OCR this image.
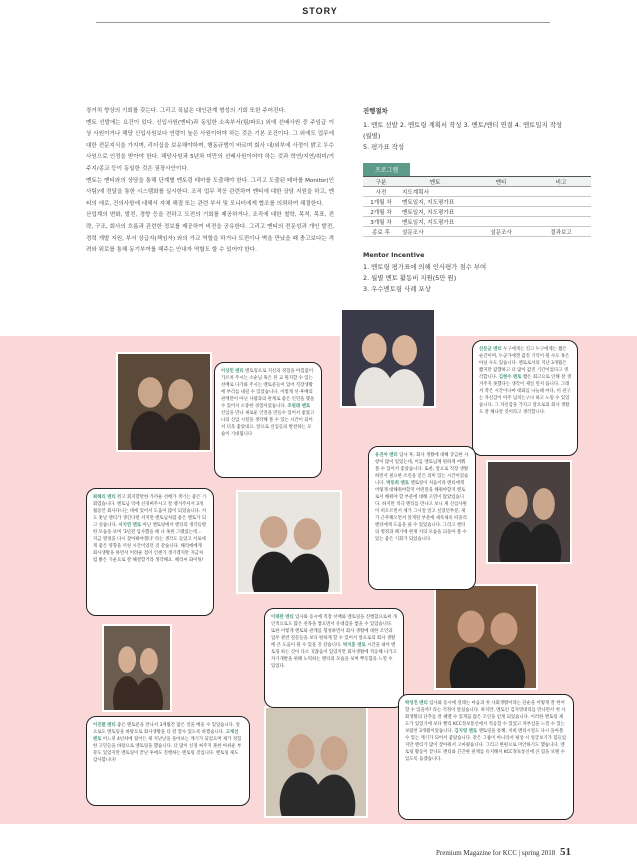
STORY

장거치 향상의 기회를 갖는다. 그리고 폭넓은 대인관계 형성의 기회 또한 주어진다.

멘토 선발에는 요건이 있다. 신입사원(멘티)과 동일한 소속부서(팀/파트) 외에 선배사원 중 주임급 이상 사원이거나 해당 신입사원보다 연령이 높은 사원이어야 하는 것은 기본 조건이다. 그 외에도 업무에 대한 전문지식을 가지며, 리더십을 보유해야하며, 행동규범이 바르며 회사 내/외부에 사정이 밝고 우수사원으로 인정을 받아야 한다. 해당사원과 5년차 미만의 선배사원이어야 하는 것과 학연/지연/취미/거주지/종교 등이 동일한 것은 권장사안이다.

멘토는 멘티와의 상담을 통해 단계별 멘토링 테마를 도출해야 한다. 그리고 도출된 테마를 Monitor(인사팀)에 전달을 통한 시스템화를 실시한다. 조직 업무 적응 관련하여 멘티에 대한 상담 지원을 하고, 멘티의 애로, 건의사항에 대해서 자체 해결 또는 관련 부서 및 모니터에게 협조를 의뢰하여 해결한다.

산업계의 변화, 발전, 경향 등을 전하고 도전의 기회를 제공하거나, 조직에 대한 철학, 목적, 목표, 전략, 구조, 회사의 흐름과 관련한 정보를 제공하여 비전을 공유한다. 그리고 멘티의 전문성과 개인 발전, 경력 개발 지원, 부서 상급자(책임자) 와의 가교 역할을 하거나 도전이나 벽을 만났을 때 충고보다는 격려와 위로를 통해 동기부여를 해주는 안내자 역할도 할 수 있어야 한다.

진행절차
1. 멘토 선발 2. 멘토링 계획서 작성 3. 멘토/멘티 연결 4. 멘토일지 작성(월별)
5. 평가표 작성
프로그램
구분	멘토	멘티	비고
사전	지도계획서		
1개월 차	멘토일지, 지도평가표		
2개월 차	멘토일지, 지도평가표		
3개월 차	멘토일지, 지도평가표		
종료 후	설문조사	설문조사	결과보고
Mentor Incentive
1. 멘토링 평가표에 의해 인사평가 점수 부여
2. 월별 멘토 활동비 지원(5만 원)
3. 우수멘토링 사례 포상
선문균 멘티 누구에게는 길고 누구에게는 짧은 순간이며, 누군가에겐 값진 기억이 될 수도 혹은 아닐 수도 있습니다. 멘토로서의 지난 3개월은 짧지만 값했하고 더 많이 값진 기간이었다고 생각합니다. 김현수 멘토 짧은 회고으로 인해 잘 생겨주지 못했다는 생각이 제일 먼저 듭니다. 그래서 작은 시간이나마 대화를 나눌때 마다, 이 친구는 자신감이 아주 넘치는구나 하고 노릴 수 있었습니다. 그 자신감을 가지고 앞으로의 회사 생활도 잘 해나갈 것이라고 생각합니다.
이상민 멘티 멘토링으로 지신의 경험을 아낌없이 가르쳐 주시는 소순님 혹은 된 교 원지할 수 있는 선배로 다가와 주시는 멘토분들이 있어 직장생활에 부리를 내릴 수 있었습니다. 이렇게 선·후배의 관계만이 아닌 사람과의 관계로 좋은 인연을 맺을 수 있어서 소중한 경험이었습니다. 조원래 멘토 신입을 만나 새로운 인연을 만들수 있어서 좋았고 나의 신입 시절을 생각해 볼 수 있는 시간이 되어서 더욱 좋았네요. 앞으로 신입들의 발전하는 모습이 기대됩니다
최해리 멘티 왼고 회지할만한 가까운 선배가 생기는 좋은 기회였습니다. 멘토님 덕에 신경써주시고 잘 챙겨주셔서 3개월동안 회사다니는 데에 있어서 도움이 많이 되었습니다. 저도 훗날 멘티가 생긴다면 서지면 멘토님처럼 좋은 멘토가 되고 싶습니다. 서지연 멘토 아닌 멘토링에서 멘티의 생각들발한 모습을 보며 '3년전 입사했을 때 나 혹한 그랬었는데… 지금 열정을 다시 찾아봐야겠다' 라는 생각도 들었고 서로에게 좋은 영향을 끼친 시간이었던 것 같습니다. 해리에에게 회사생활을 하면서 어려운 점이 언젠가 생기겠지만 지금처럼 밝은 기운으로 잘 해결할거라 생각해요. 해리씨 화이팅!
유진아 멘티 입사 후, 회사 생활에 대해 궁금한 사항이 많이 있었는데, 이를 멘토님께 편하게 여쭤볼 수 있어서 좋았습니다. 또한, 앞으로 직장 생활하면서 필요한 조언을 얻은 의미 있는 시간이었습니다. 박동희 멘토 멘토링이 처음이라 멘티에게 어떻게 대해줘야할지 어떤말을 해줘야할지 멘토로서 해줘야 할 부분에 대해 고민이 많았었습니다. 하지만 적극 멘티를 만나고 보니 제 신입사원이 떠오르면서 제가 그시절 알고 싶었던부분, 제가 근무해오면서 알게된 부분에 새록새록 떠올리 멘티에게 도움을 줄 수 있었습니다. 그리고 멘티의 열정과 패기에 현재 저의 모습을 되돌아 볼 수 있는 좋은 기회가 되었습니다.
이태완 멘티 입사와 동시에 직장 선배와 멘토링을 진행함으로써 개인적으로도 많은 친목을 쌓으면서 유대감을 쌓을 수 있었습니다. 또한 이렇게 멘토와 관계를 형성하면서 회사 생활에 대한 조언과 업무 관련 질문들을 보다 편하게 할 수 있어서 앞으로의 회사 생활에 큰 도움이 될 수 있을 것 같습니다. 박지훈 멘토 시간을 내어 멘토링 하는 것이 다소 귀찮음이 있었지만 회사생활에 적응해 나가고 자기개발을 위해 노력하는 멘티의 모습을 보며 뿌듯함을 느낄 수 있었다.
이진환 멘티 좋은 멘토분을 만나서 3개월간 많은 것을 배울 수 있었습니다. 앞으로도 멘토링을 바탕으로 회사생활을 더 잘 할수 있도록 하겠습니다. 고재선 멘토 어느덧 4년차에 접어든 제 지난날을 돌아보는 계기가 되었으며 제가 경험한 고민들을 바탕으로 멘토링을 했습니다. 더 많이 신경 써주지 못한 아쉬운 부분도 있었지만 멘토링이 끝난 후에도 진행하는 멘토링 것입니다. 멘토링 제도 감사합니다!
박성진 멘티 입사와 동시에 설레는 마음과 첫 사회생활이라는 단순을 어떻게 잘 헌어 할 수 있을까? 라는 걱정이 앞섰습니다. 하지만, 멘토인 김지영대리를 만나면서 첫 사회생활의 단추를 잘 꿰맬 수 있게끔 많은 조언을 얻게 되었습니다. 이러한 멘토링 제도가 있었기에 보다 빨리 KCC정보통신에서 적응할 수 있었고 자부심을 느낄 수 있는 보람찬 3개월이었습니다. 김지영 멘토 멘토링을 통해, 저희 멘티시절도 다시 돌아볼 수 있는 계기가 되어서 좋았습니다. 같은 그룹이 아니라서 평상 시 얼굴보기가 힘들었지만 멘티가 많이 찾아줘서 고마웠습니다. 그리고 한편으로 미안하기도 했습니다. 멘토링 활동이 끝나도 멘티와 끈끈한 관계를 유지해서 KCC정보통신에 큰 힘을 보탤 수 있도록 돕겠습니다.
Premium Magazine for KCC | spring 2018 51
